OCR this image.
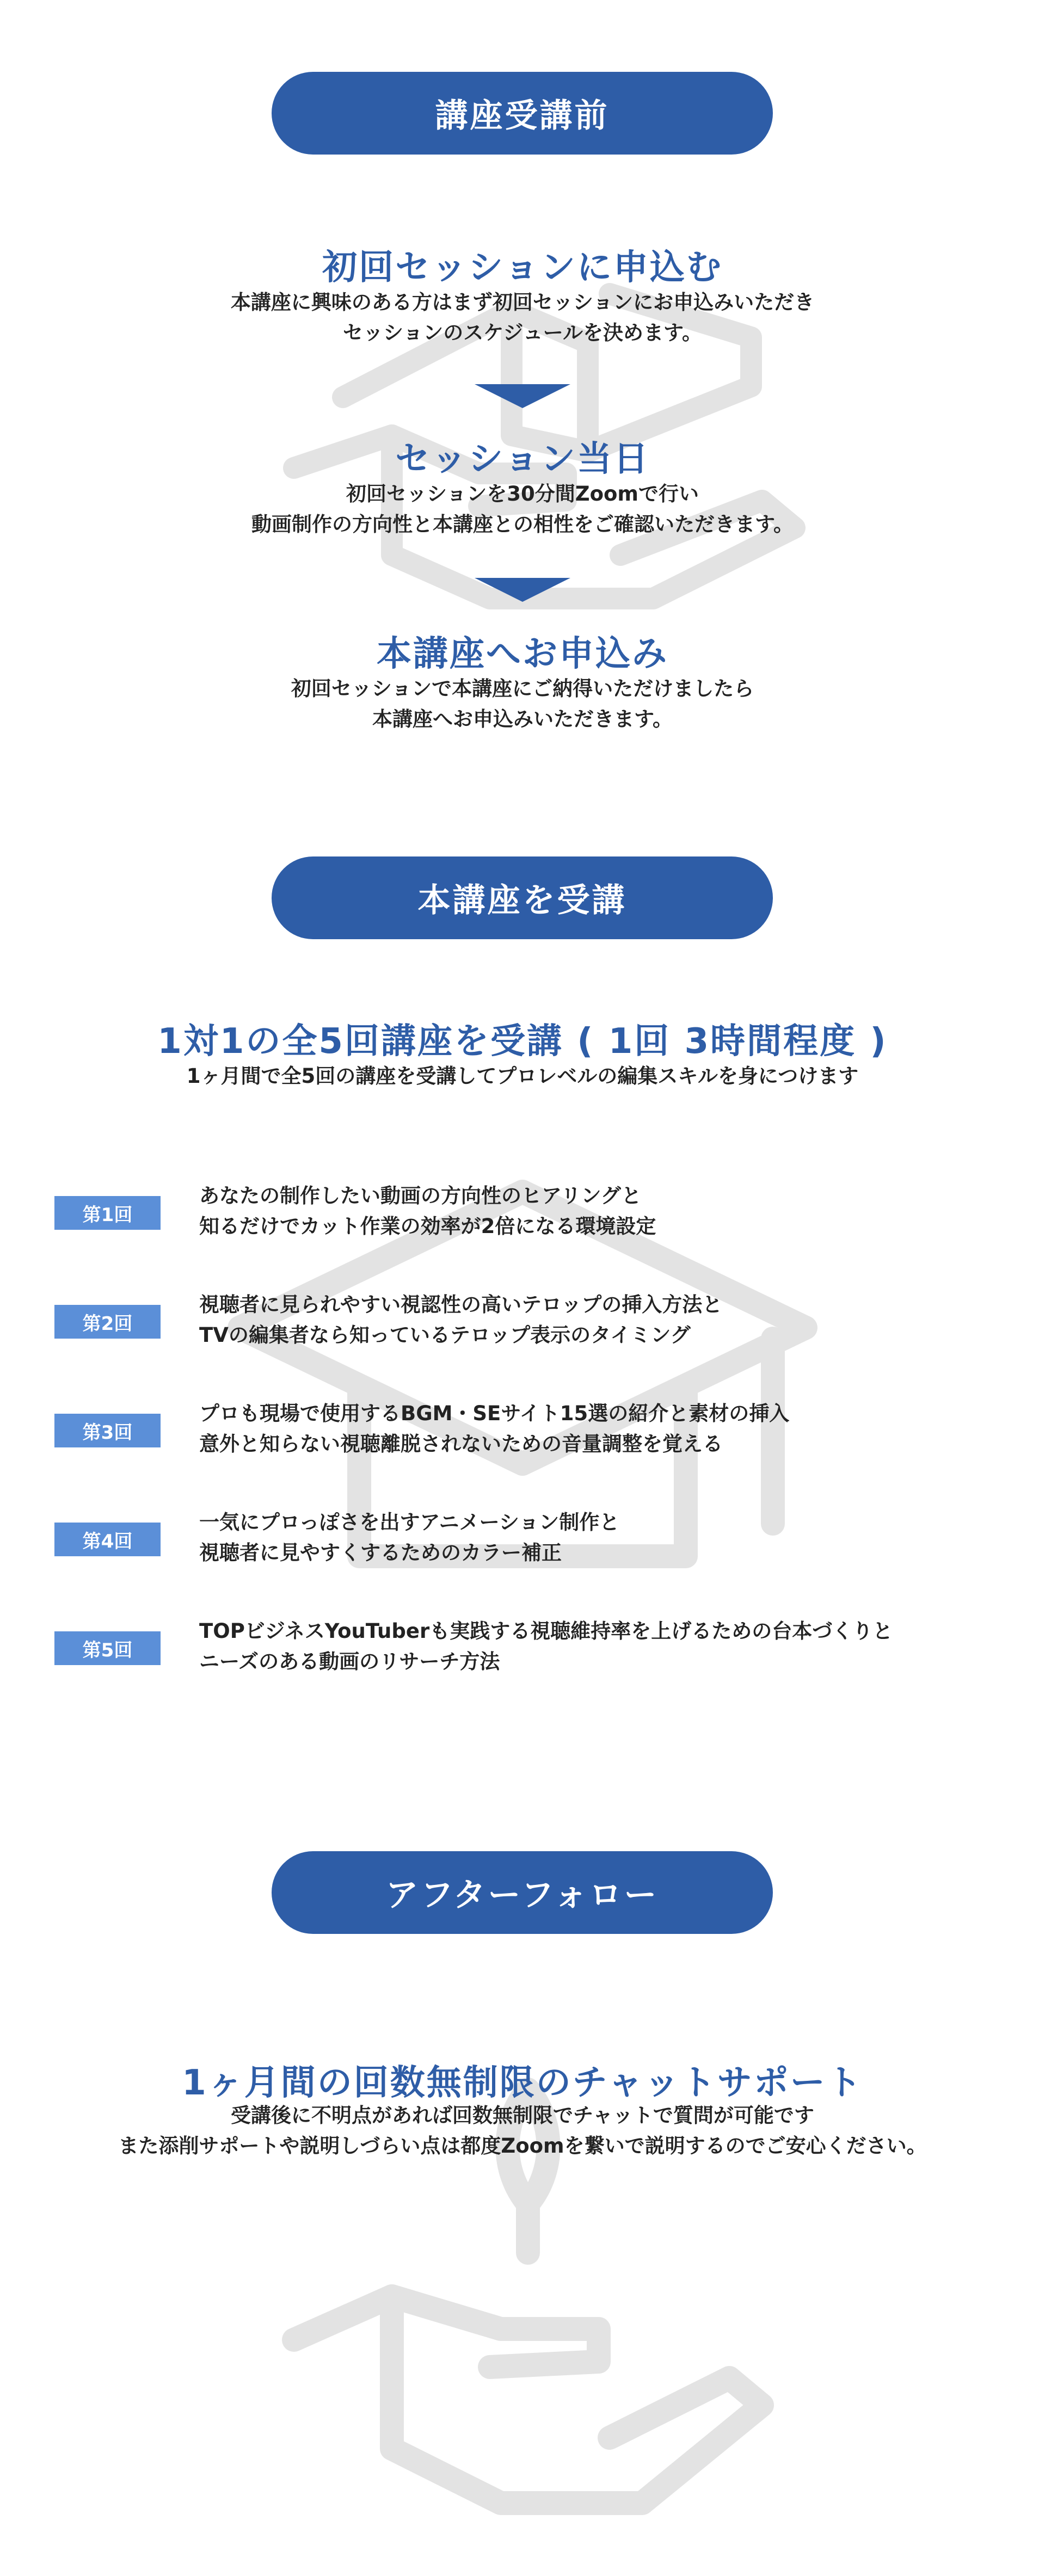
講座受講前
初回セッションに申込む
本講座に興味のある方はまず初回セッションにお申込みいただき
セッションのスケジュールを決めます。
セッション当日
初回セッションを30分間Zoomで行い
動画制作の方向性と本講座との相性をご確認いただきます。
本講座へお申込み
初回セッションで本講座にご納得いただけましたら
本講座へお申込みいただきます。
本講座を受講
1対1の全5回講座を受講 ( 1回 3時間程度 )
1ヶ月間で全5回の講座を受講してプロレベルの編集スキルを身につけます
第1回
あなたの制作したい動画の方向性のヒアリングと
知るだけでカット作業の効率が2倍になる環境設定
第2回
視聴者に見られやすい視認性の高いテロップの挿入方法と
TVの編集者なら知っているテロップ表示のタイミング
第3回
プロも現場で使用するBGM・SEサイト15選の紹介と素材の挿入
意外と知らない視聴離脱されないための音量調整を覚える
第4回
一気にプロっぽさを出すアニメーション制作と
視聴者に見やすくするためのカラー補正
第5回
TOPビジネスYouTuberも実践する視聴維持率を上げるための台本づくりと
ニーズのある動画のリサーチ方法
アフターフォロー
1ヶ月間の回数無制限のチャットサポート
受講後に不明点があれば回数無制限でチャットで質問が可能です
また添削サポートや説明しづらい点は都度Zoomを繋いで説明するのでご安心ください。
